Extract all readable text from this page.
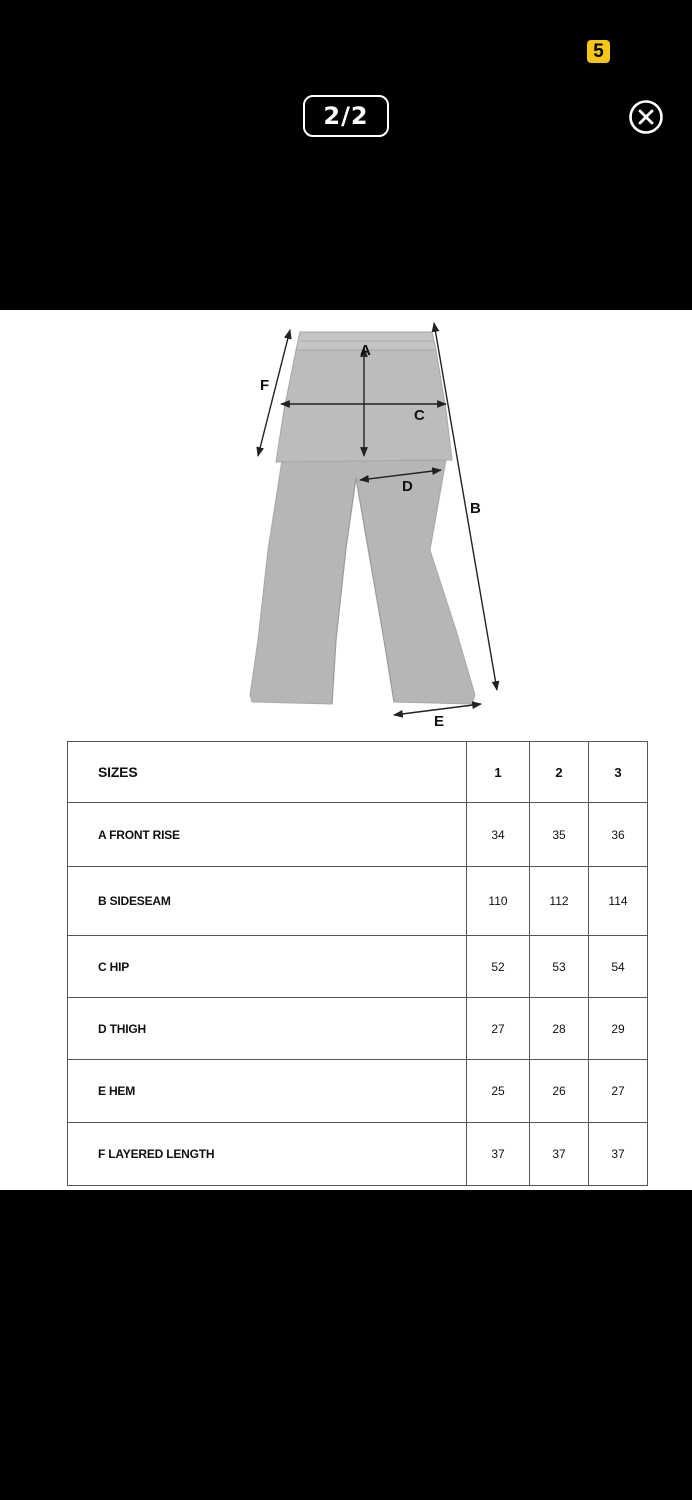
5
2/2
A
C
D
F
B
E
SIZES	1	2	3
A FRONT RISE	34	35	36
B SIDESEAM	110	112	114
C HIP	52	53	54
D THIGH	27	28	29
E HEM	25	26	27
F LAYERED LENGTH	37	37	37
